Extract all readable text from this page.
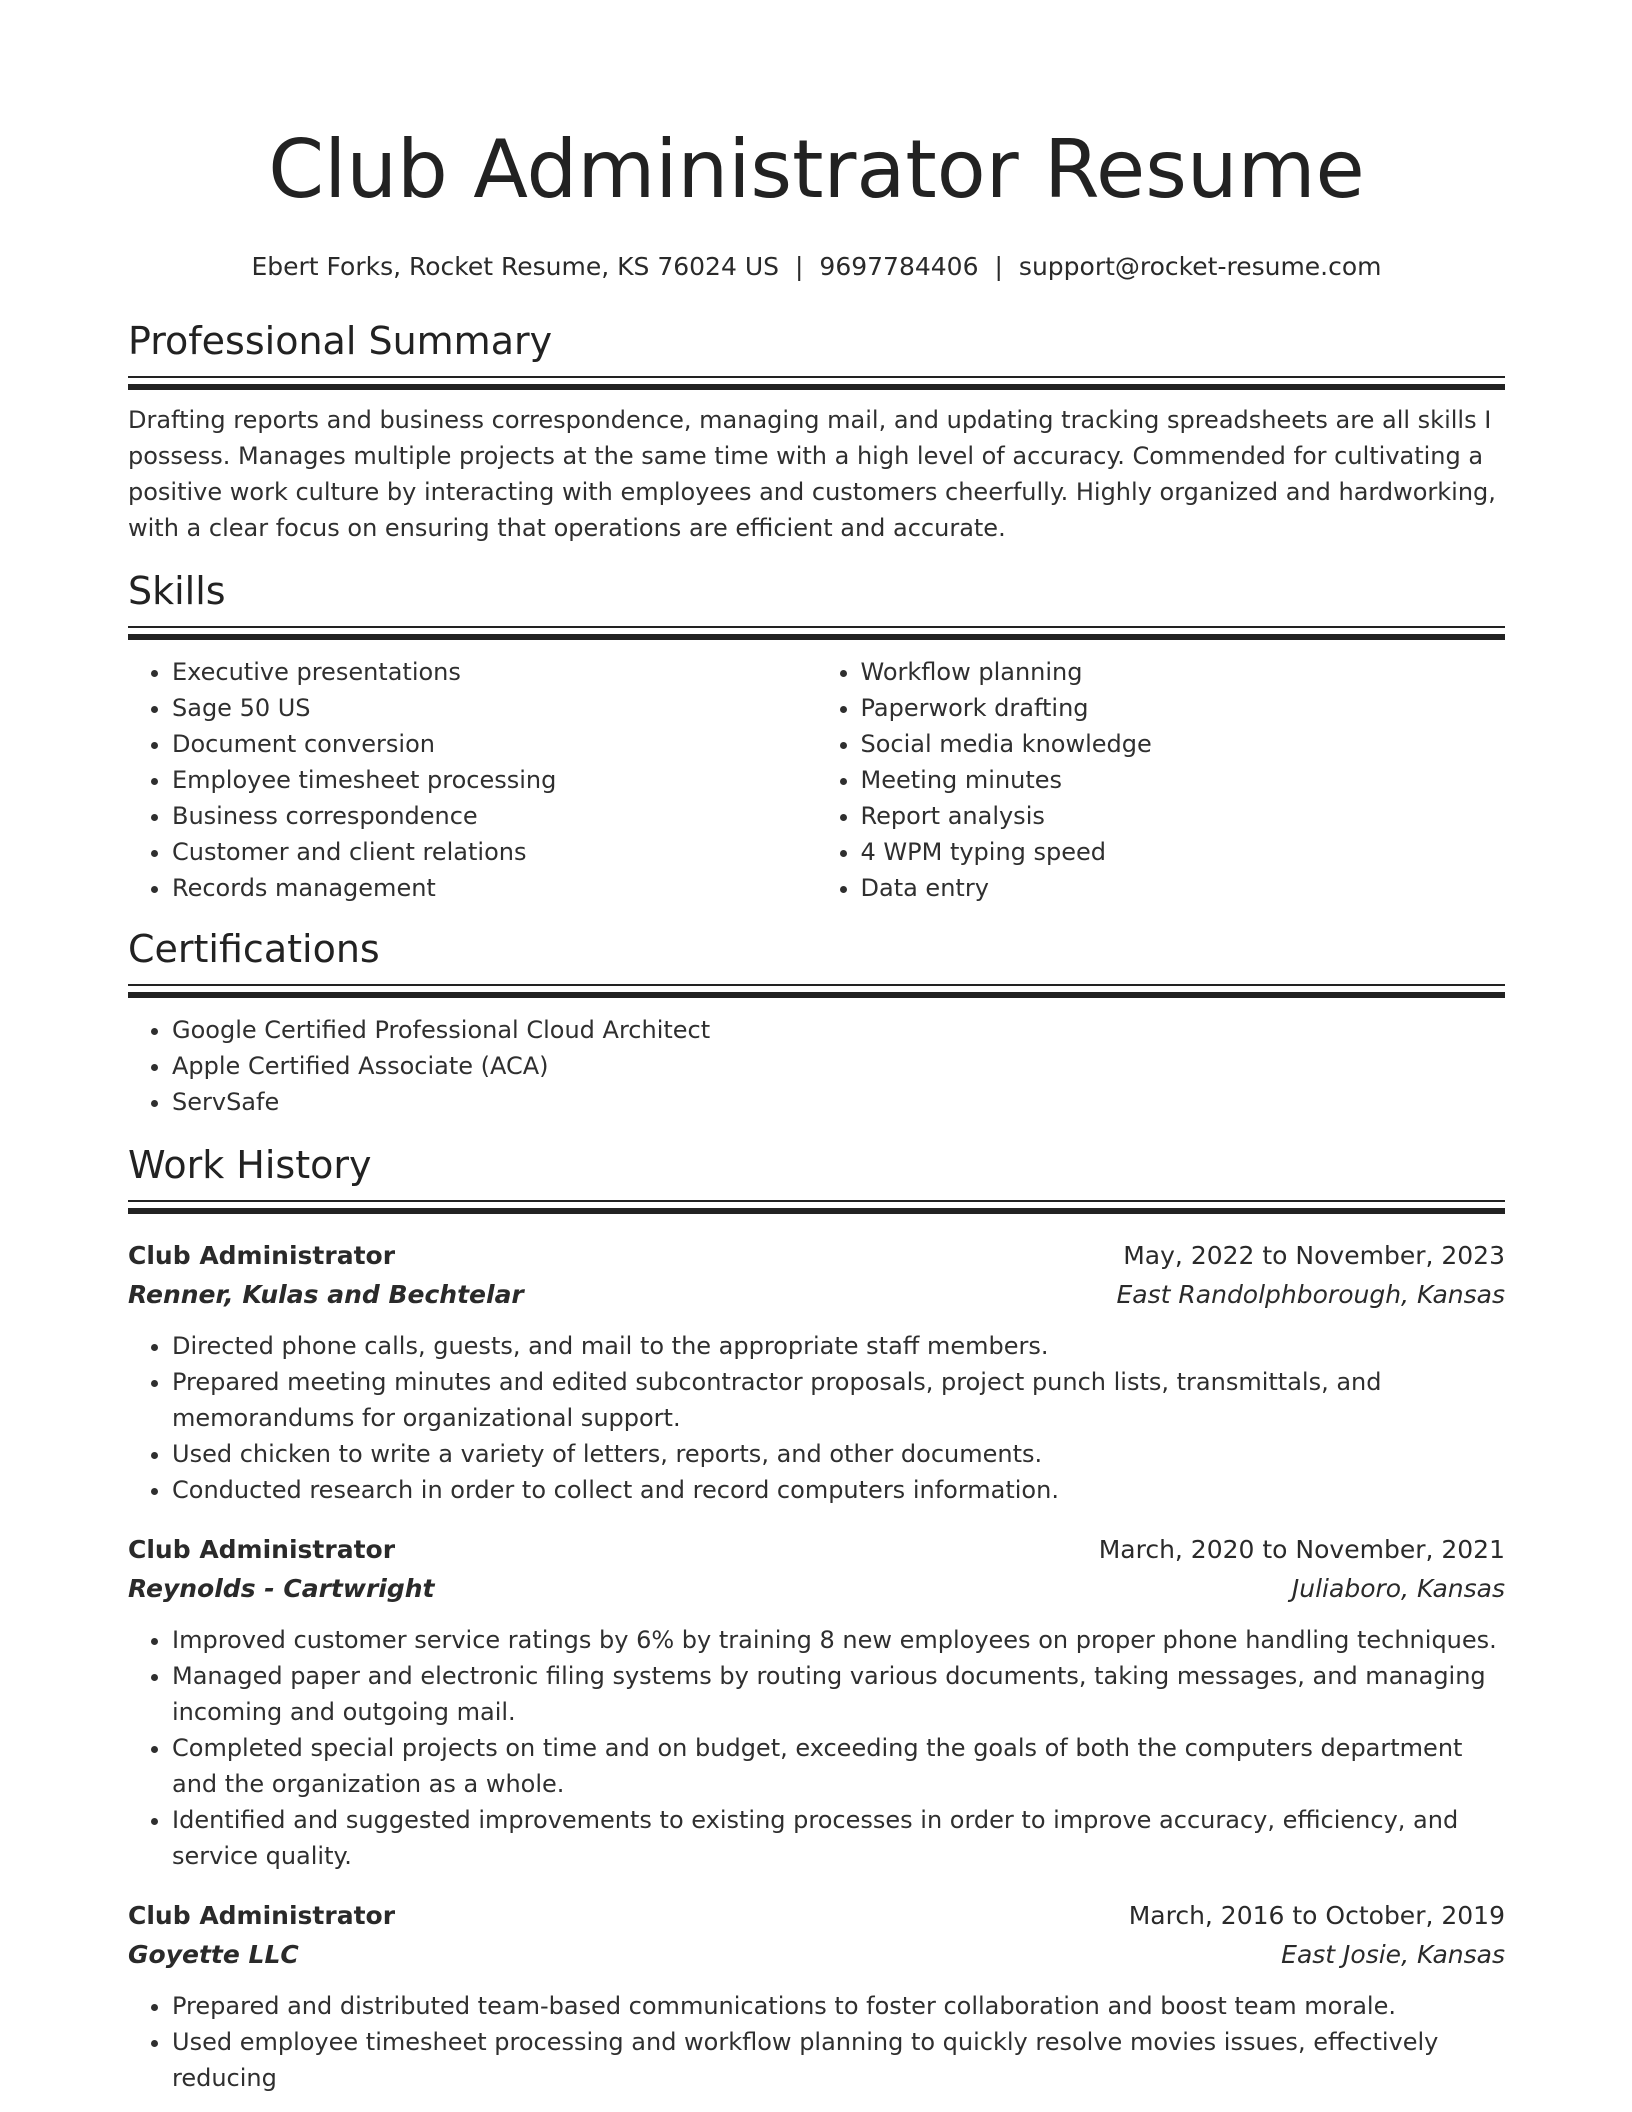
Club Administrator Resume
Ebert Forks, Rocket Resume, KS 76024 US | 9697784406 | support@rocket-resume.com
Professional Summary

Drafting reports and business correspondence, managing mail, and updating tracking spreadsheets are all skills I possess. Manages multiple projects at the same time with a high level of accuracy. Commended for cultivating a positive work culture by interacting with employees and customers cheerfully. Highly organized and hardworking, with a clear focus on ensuring that operations are efficient and accurate.

Skills
• Executive presentations
• Sage 50 US
• Document conversion
• Employee timesheet processing
• Business correspondence
• Customer and client relations
• Records management
• Workflow planning
• Paperwork drafting
• Social media knowledge
• Meeting minutes
• Report analysis
• 4 WPM typing speed
• Data entry
Certifications
• Google Certified Professional Cloud Architect
• Apple Certified Associate (ACA)
• ServSafe
Work History
Club Administrator	May, 2022 to November, 2023
Renner, Kulas and Bechtelar	East Randolphborough, Kansas
• Directed phone calls, guests, and mail to the appropriate staff members.
• Prepared meeting minutes and edited subcontractor proposals, project punch lists, transmittals, and memorandums for organizational support.
• Used chicken to write a variety of letters, reports, and other documents.
• Conducted research in order to collect and record computers information.
Club Administrator	March, 2020 to November, 2021
Reynolds - Cartwright	Juliaboro, Kansas
• Improved customer service ratings by 6% by training 8 new employees on proper phone handling techniques.
• Managed paper and electronic filing systems by routing various documents, taking messages, and managing incoming and outgoing mail.
• Completed special projects on time and on budget, exceeding the goals of both the computers department and the organization as a whole.
• Identified and suggested improvements to existing processes in order to improve accuracy, efficiency, and service quality.
Club Administrator	March, 2016 to October, 2019
Goyette LLC	East Josie, Kansas
• Prepared and distributed team-based communications to foster collaboration and boost team morale.
• Used employee timesheet processing and workflow planning to quickly resolve movies issues, effectively reducing
